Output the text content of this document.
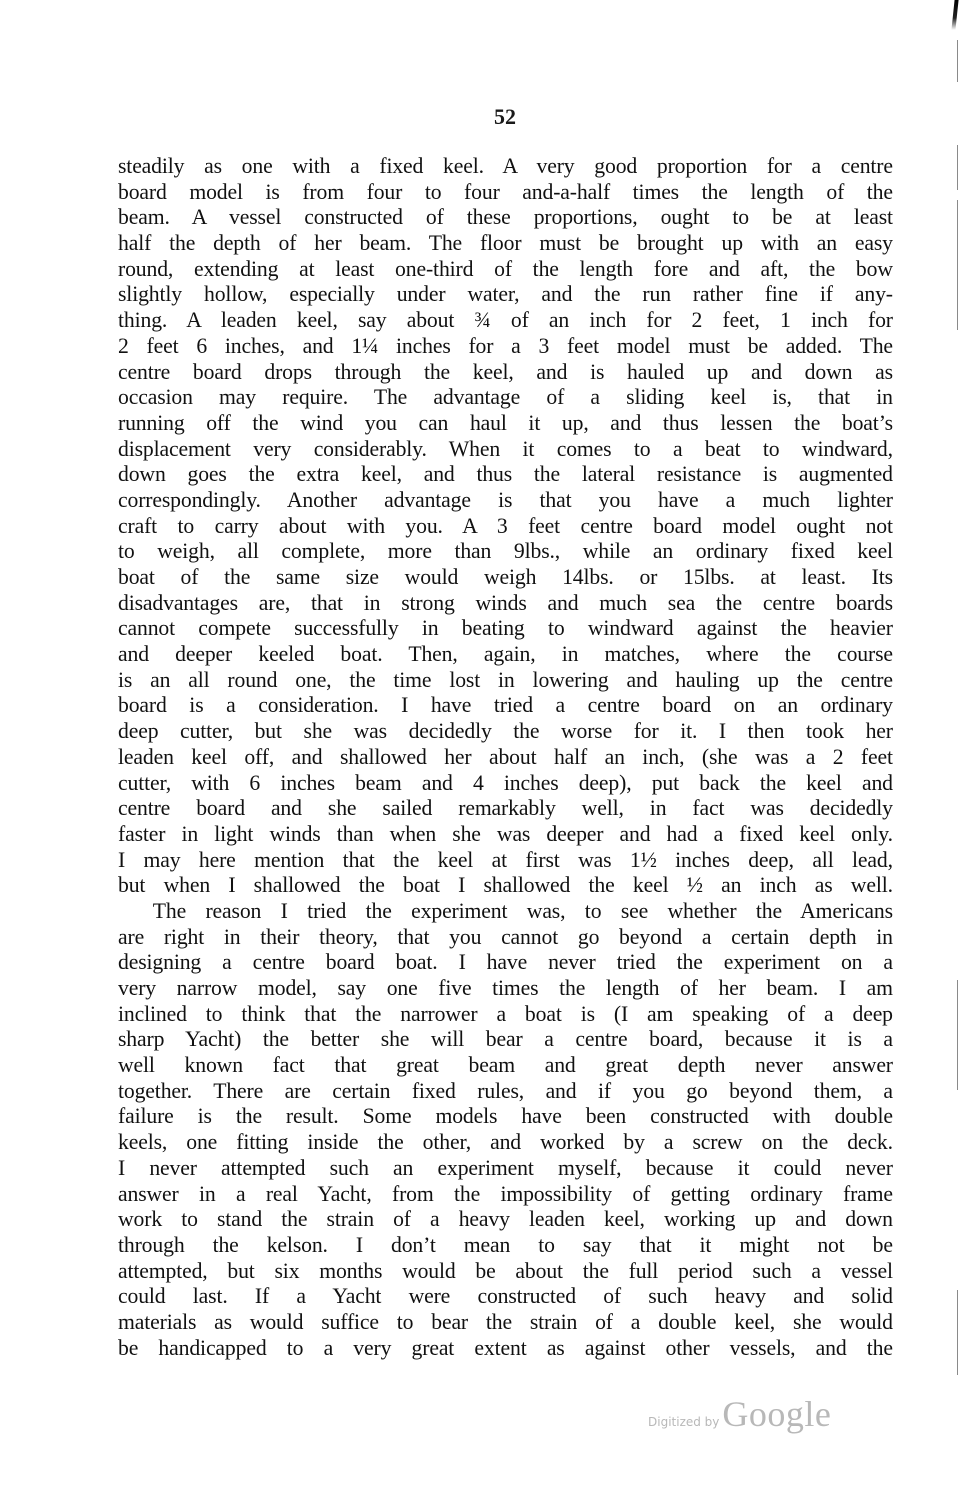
52
steadily as one with a fixed keel. A very good proportion for a centre
board model is from four to four and-a-half times the length of the
beam. A vessel constructed of these proportions, ought to be at least
half the depth of her beam. The floor must be brought up with an easy
round, extending at least one-third of the length fore and aft, the bow
slightly hollow, especially under water, and the run rather fine if any-
thing. A leaden keel, say about ¾ of an inch for 2 feet, 1 inch for
2 feet 6 inches, and 1¼ inches for a 3 feet model must be added. The
centre board drops through the keel, and is hauled up and down as
occasion may require. The advantage of a sliding keel is, that in
running off the wind you can haul it up, and thus lessen the boat’s
displacement very considerably. When it comes to a beat to windward,
down goes the extra keel, and thus the lateral resistance is augmented
correspondingly. Another advantage is that you have a much lighter
craft to carry about with you. A 3 feet centre board model ought not
to weigh, all complete, more than 9lbs., while an ordinary fixed keel
boat of the same size would weigh 14lbs. or 15lbs. at least. Its
disadvantages are, that in strong winds and much sea the centre boards
cannot compete successfully in beating to windward against the heavier
and deeper keeled boat. Then, again, in matches, where the course
is an all round one, the time lost in lowering and hauling up the centre
board is a consideration. I have tried a centre board on an ordinary
deep cutter, but she was decidedly the worse for it. I then took her
leaden keel off, and shallowed her about half an inch, (she was a 2 feet
cutter, with 6 inches beam and 4 inches deep), put back the keel and
centre board and she sailed remarkably well, in fact was decidedly
faster in light winds than when she was deeper and had a fixed keel only.
I may here mention that the keel at first was 1½ inches deep, all lead,
but when I shallowed the boat I shallowed the keel ½ an inch as well.
The reason I tried the experiment was, to see whether the Americans
are right in their theory, that you cannot go beyond a certain depth in
designing a centre board boat. I have never tried the experiment on a
very narrow model, say one five times the length of her beam. I am
inclined to think that the narrower a boat is (I am speaking of a deep
sharp Yacht) the better she will bear a centre board, because it is a
well known fact that great beam and great depth never answer
together. There are certain fixed rules, and if you go beyond them, a
failure is the result. Some models have been constructed with double
keels, one fitting inside the other, and worked by a screw on the deck.
I never attempted such an experiment myself, because it could never
answer in a real Yacht, from the impossibility of getting ordinary frame
work to stand the strain of a heavy leaden keel, working up and down
through the kelson. I don’t mean to say that it might not be
attempted, but six months would be about the full period such a vessel
could last. If a Yacht were constructed of such heavy and solid
materials as would suffice to bear the strain of a double keel, she would
be handicapped to a very great extent as against other vessels, and the
Digitized by Google
